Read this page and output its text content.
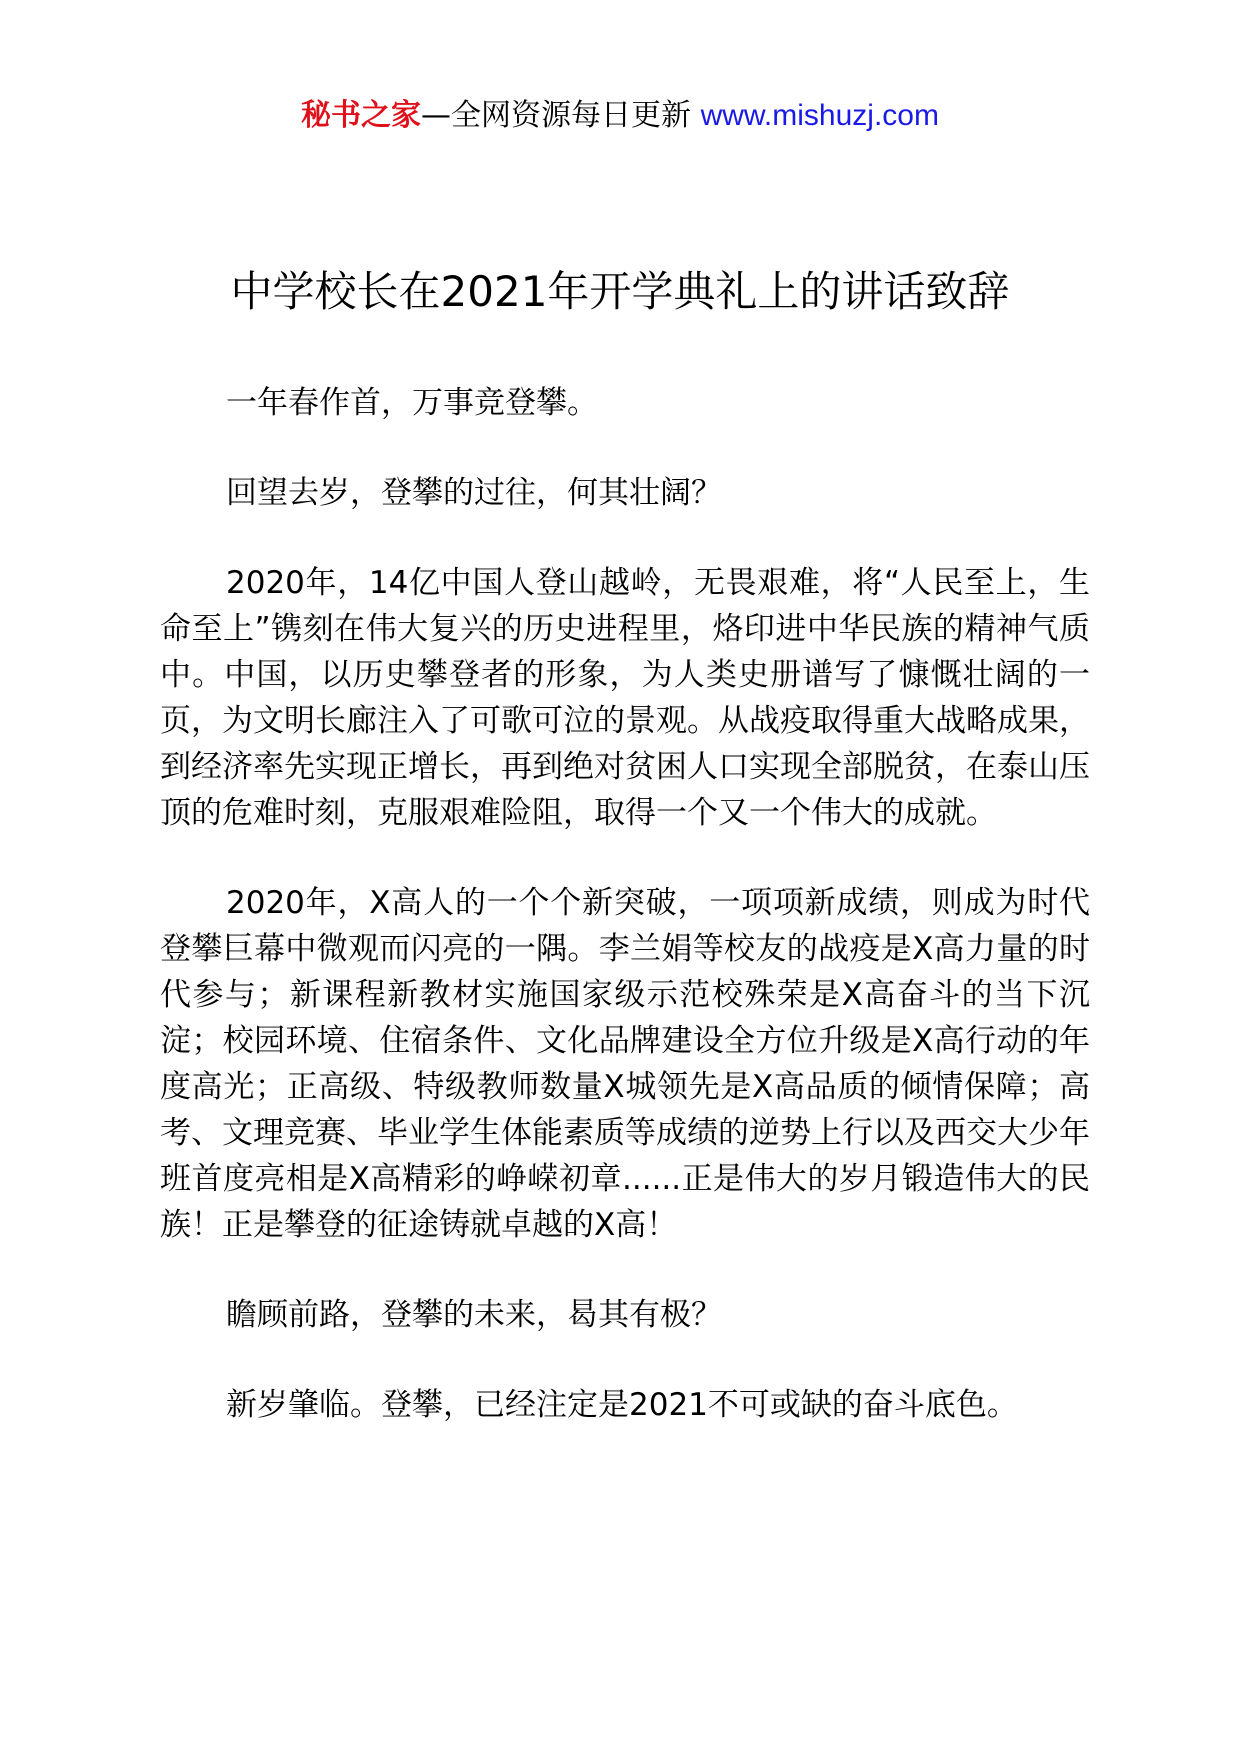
秘书之家—全网资源每日更新 www.mishuzj.com
中学校长在2021年开学典礼上的讲话致辞

一年春作首，万事竞登攀。

回望去岁，登攀的过往，何其壮阔？

2020年，14亿中国人登山越岭，无畏艰难，将“人民至上，生命至上”镌刻在伟大复兴的历史进程里，烙印进中华民族的精神气质中。中国，以历史攀登者的形象，为人类史册谱写了慷慨壮阔的一页，为文明长廊注入了可歌可泣的景观。从战疫取得重大战略成果，到经济率先实现正增长，再到绝对贫困人口实现全部脱贫，在泰山压顶的危难时刻，克服艰难险阻，取得一个又一个伟大的成就。

2020年，X高人的一个个新突破，一项项新成绩，则成为时代登攀巨幕中微观而闪亮的一隅。李兰娟等校友的战疫是X高力量的时代参与；新课程新教材实施国家级示范校殊荣是X高奋斗的当下沉淀；校园环境、住宿条件、文化品牌建设全方位升级是X高行动的年度高光；正高级、特级教师数量X城领先是X高品质的倾情保障；高考、文理竞赛、毕业学生体能素质等成绩的逆势上行以及西交大少年班首度亮相是X高精彩的峥嵘初章......正是伟大的岁月锻造伟大的民族！正是攀登的征途铸就卓越的X高！

瞻顾前路，登攀的未来，曷其有极？

新岁肇临。登攀，已经注定是2021不可或缺的奋斗底色。
